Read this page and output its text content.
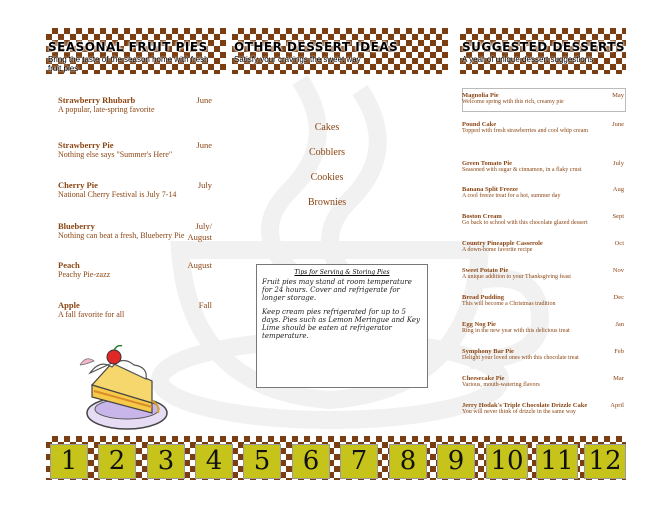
SEASONAL FRUIT PIES
Bring the taste of the season home with fresh fruit pies
OTHER DESSERT IDEAS
Satisfy your cravings the sweet way
SUGGESTED DESSERTS
A year of unique dessert suggestions
Strawberry Rhubarb
A popular, late-spring favorite
June
Strawberry Pie
Nothing else says "Summer's Here"
June
Cherry Pie
National Cherry Festival is July 7-14
July
Blueberry
Nothing can beat a fresh, Blueberry Pie
July/
August
Peach
Peachy Pie-zazz
August
Apple
A fall favorite for all
Fall
Cakes
Cobblers
Cookies
Brownies
Tips for Serving & Storing Pies

Fruit pies may stand at room temperature for 24 hours. Cover and refrigerate for longer storage.

Keep cream pies refrigerated for up to 5 days. Pies such as Lemon Meringue and Key Lime should be eaten at refrigerator temperature.

Magnolia Pie
Welcome spring with this rich, creamy pie
May
Pound Cake
Topped with fresh strawberries and cool whip cream
June
Green Tomato Pie
Seasoned with sugar & cinnamon, in a flaky crust
July
Banana Split Freeze
A cool freeze treat for a hot, summer day
Aug
Boston Cream
Go back to school with this chocolate glazed dessert
Sept
Country Pineapple Casserole
A down-home favorite recipe
Oct
Sweet Potato Pie
A unique addition to your Thanksgiving feast
Nov
Bread Pudding
This will become a Christmas tradition
Dec
Egg Nog Pie
Ring in the new year with this delicious treat
Jan
Symphony Bar Pie
Delight your loved ones with this chocolate treat
Feb
Cheesecake Pie
Various, mouth-watering flavors
Mar
Jerry Hodak's Triple Chocolate Drizzle Cake
You will never think of drizzle in the same way
April
1	2	3	4	5	6	7	8	9	10 11 12
